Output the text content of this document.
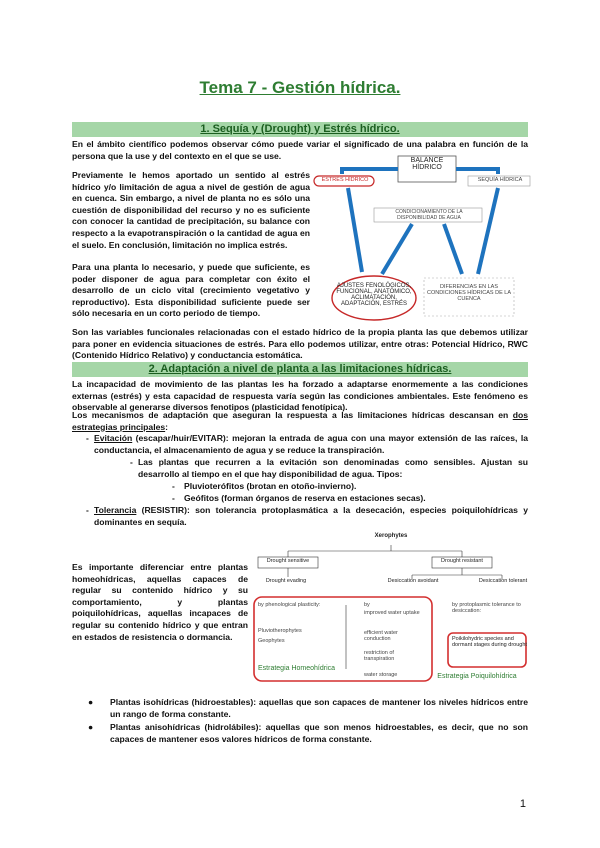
Tema 7 - Gestión hídrica.
1. Sequía y (Drought) y Estrés hídrico.

En el ámbito científico podemos observar cómo puede variar el significado de una palabra en función de la persona que la use y del contexto en el que se use.

Previamente le hemos aportado un sentido al estrés hídrico y/o limitación de agua a nivel de gestión de agua en cuenca. Sin embargo, a nivel de planta no es sólo una cuestión de disponibilidad del recurso y no es suficiente con conocer la cantidad de precipitación, su balance con respecto a la evapotranspiración o la cantidad de agua en el suelo. En conclusión, limitación no implica estrés.

Para una planta lo necesario, y puede que suficiente, es poder disponer de agua para completar con éxito el desarrollo de un ciclo vital (crecimiento vegetativo y reproductivo). Esta disponibilidad suficiente puede ser sólo necesaria en un corto periodo de tiempo.

BALANCE HÍDRICO
ESTRÉS HÍDRICO	SEQUÍA HÍDRICA
CONDICIONAMIENTO DE LA DISPONIBILIDAD DE AGUA
AJUSTES FENOLÓGICOS, FUNCIONAL, ANATÓMICO, ACLIMATACIÓN, ADAPTACIÓN, ESTRÉS
DIFERENCIAS EN LAS CONDICIONES HÍDRICAS DE LA CUENCA

Son las variables funcionales relacionadas con el estado hídrico de la propia planta las que debemos utilizar para poner en evidencia situaciones de estrés. Para ello podemos utilizar, entre otras: Potencial Hídrico, RWC (Contenido Hídrico Relativo) y conductancia estomática.

2. Adaptación a nivel de planta a las limitaciones hídricas.

La incapacidad de movimiento de las plantas les ha forzado a adaptarse enormemente a las condiciones externas (estrés) y esta capacidad de respuesta varía según las condiciones ambientales. Este fenómeno es observable al generarse diversos fenotipos (plasticidad fenotípica).

Los mecanismos de adaptación que aseguran la respuesta a las limitaciones hídricas descansan en dos estrategias principales:

- Evitación (escapar/huir/EVITAR): mejoran la entrada de agua con una mayor extensión de las raíces, la conductancia, el almacenamiento de agua y se reduce la transpiración.
- Las plantas que recurren a la evitación son denominadas como sensibles. Ajustan su desarrollo al tiempo en el que hay disponibilidad de agua. Tipos:
- Pluvioterófitos (brotan en otoño-invierno).
- Geófitos (forman órganos de reserva en estaciones secas).
- Tolerancia (RESISTIR): son tolerancia protoplasmática a la desecación, especies poiquilohídricas y dominantes en sequía.

Es importante diferenciar entre plantas homeohídricas, aquellas capaces de regular su contenido hídrico y su comportamiento, y plantas poiquilohídricas, aquellas incapaces de regular su contenido hídrico y que entran en estados de resistencia o dormancia.

Xerophytes
Drought sensitive	Drought resistant
Drought evading	Desiccation avoidant	Desiccation tolerant
by phenological plasticity:
Pluviotherophytes
Geophytes
by
improved water uptake
efficient water conduction
restriction of transpiration
water storage
by protoplasmic tolerance to desiccation:
Poikilohydric species and dormant stages during drought
Estrategia Homeohídrica
Estrategia Poiquilohídrica
● Plantas isohídricas (hidroestables): aquellas que son capaces de mantener los niveles hídricos entre un rango de forma constante.
● Plantas anisohídricas (hidrolábiles): aquellas que son menos hidroestables, es decir, que no son capaces de mantener esos valores hídricos de forma constante.
1
